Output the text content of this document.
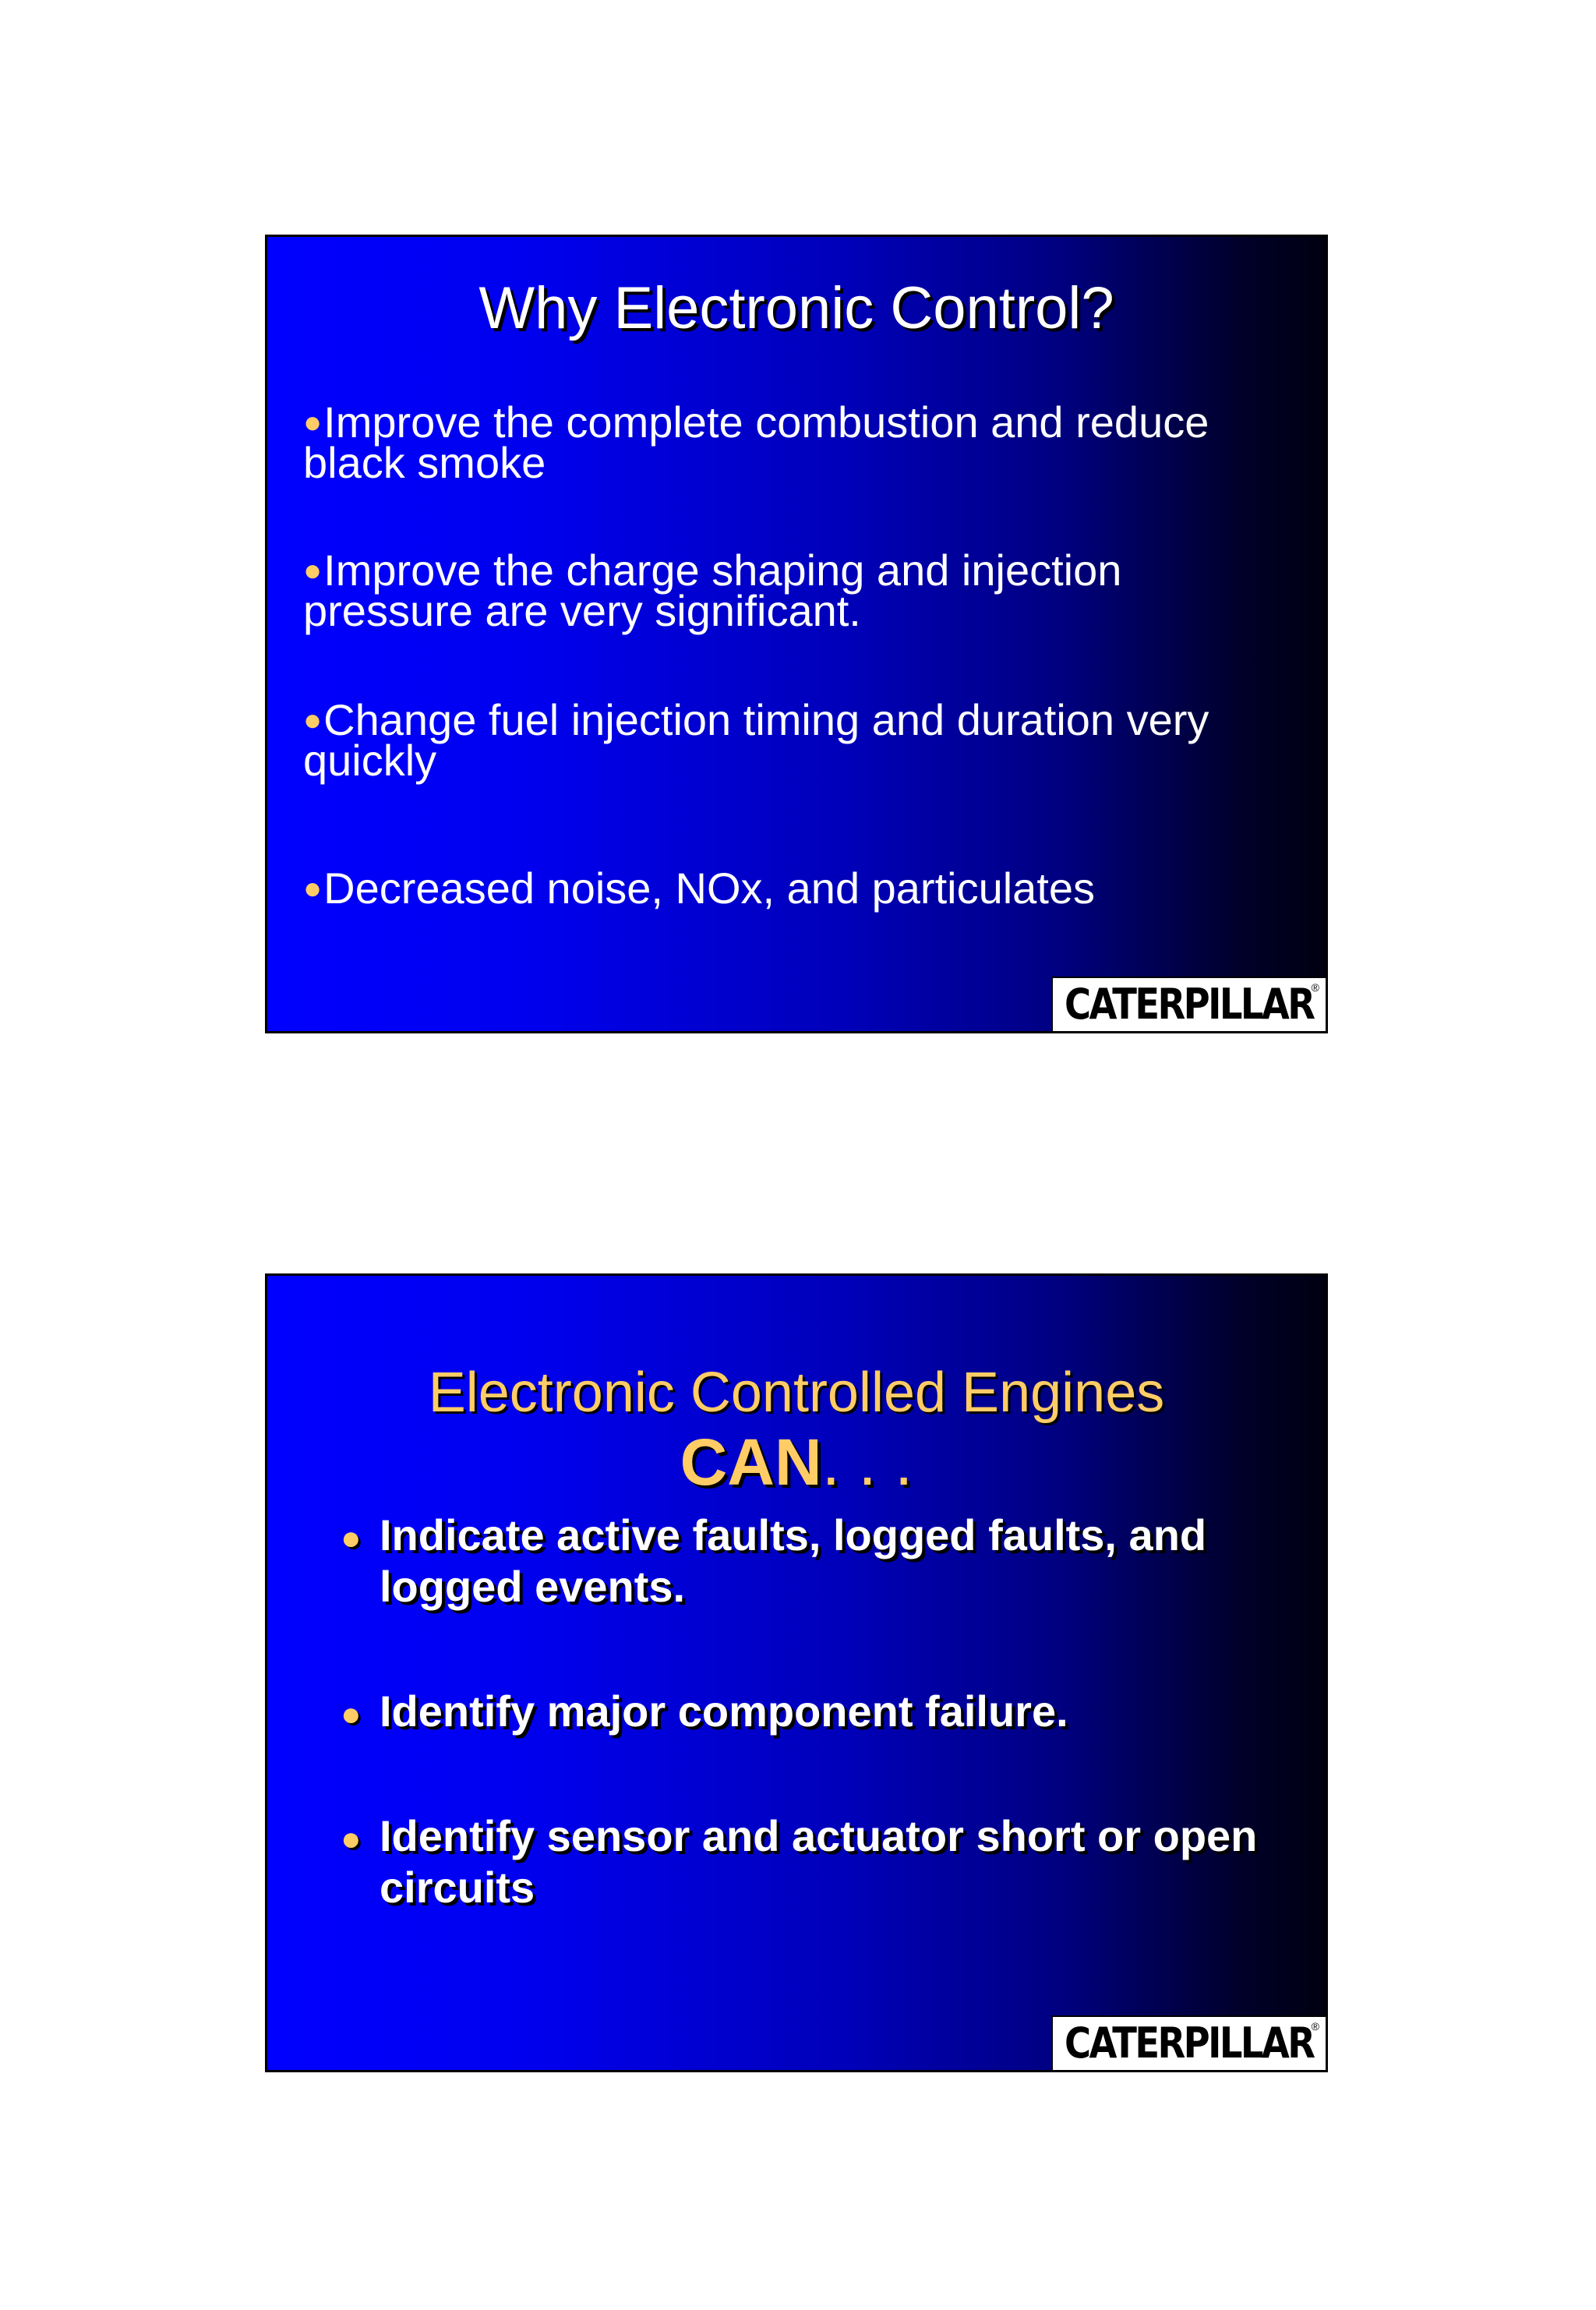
Why Electronic Control?
●Improve the complete combustion and reduce black smoke
●Improve the charge shaping and injection pressure are very significant.
●Change fuel injection timing and duration very quickly
●Decreased noise, NOx, and particulates
CATERPILLAR
®
Electronic Controlled Engines
CAN. . .
● Indicate active faults, logged faults, and logged events.
● Identify major component failure.
● Identify sensor and actuator short or open circuits
CATERPILLAR
®
